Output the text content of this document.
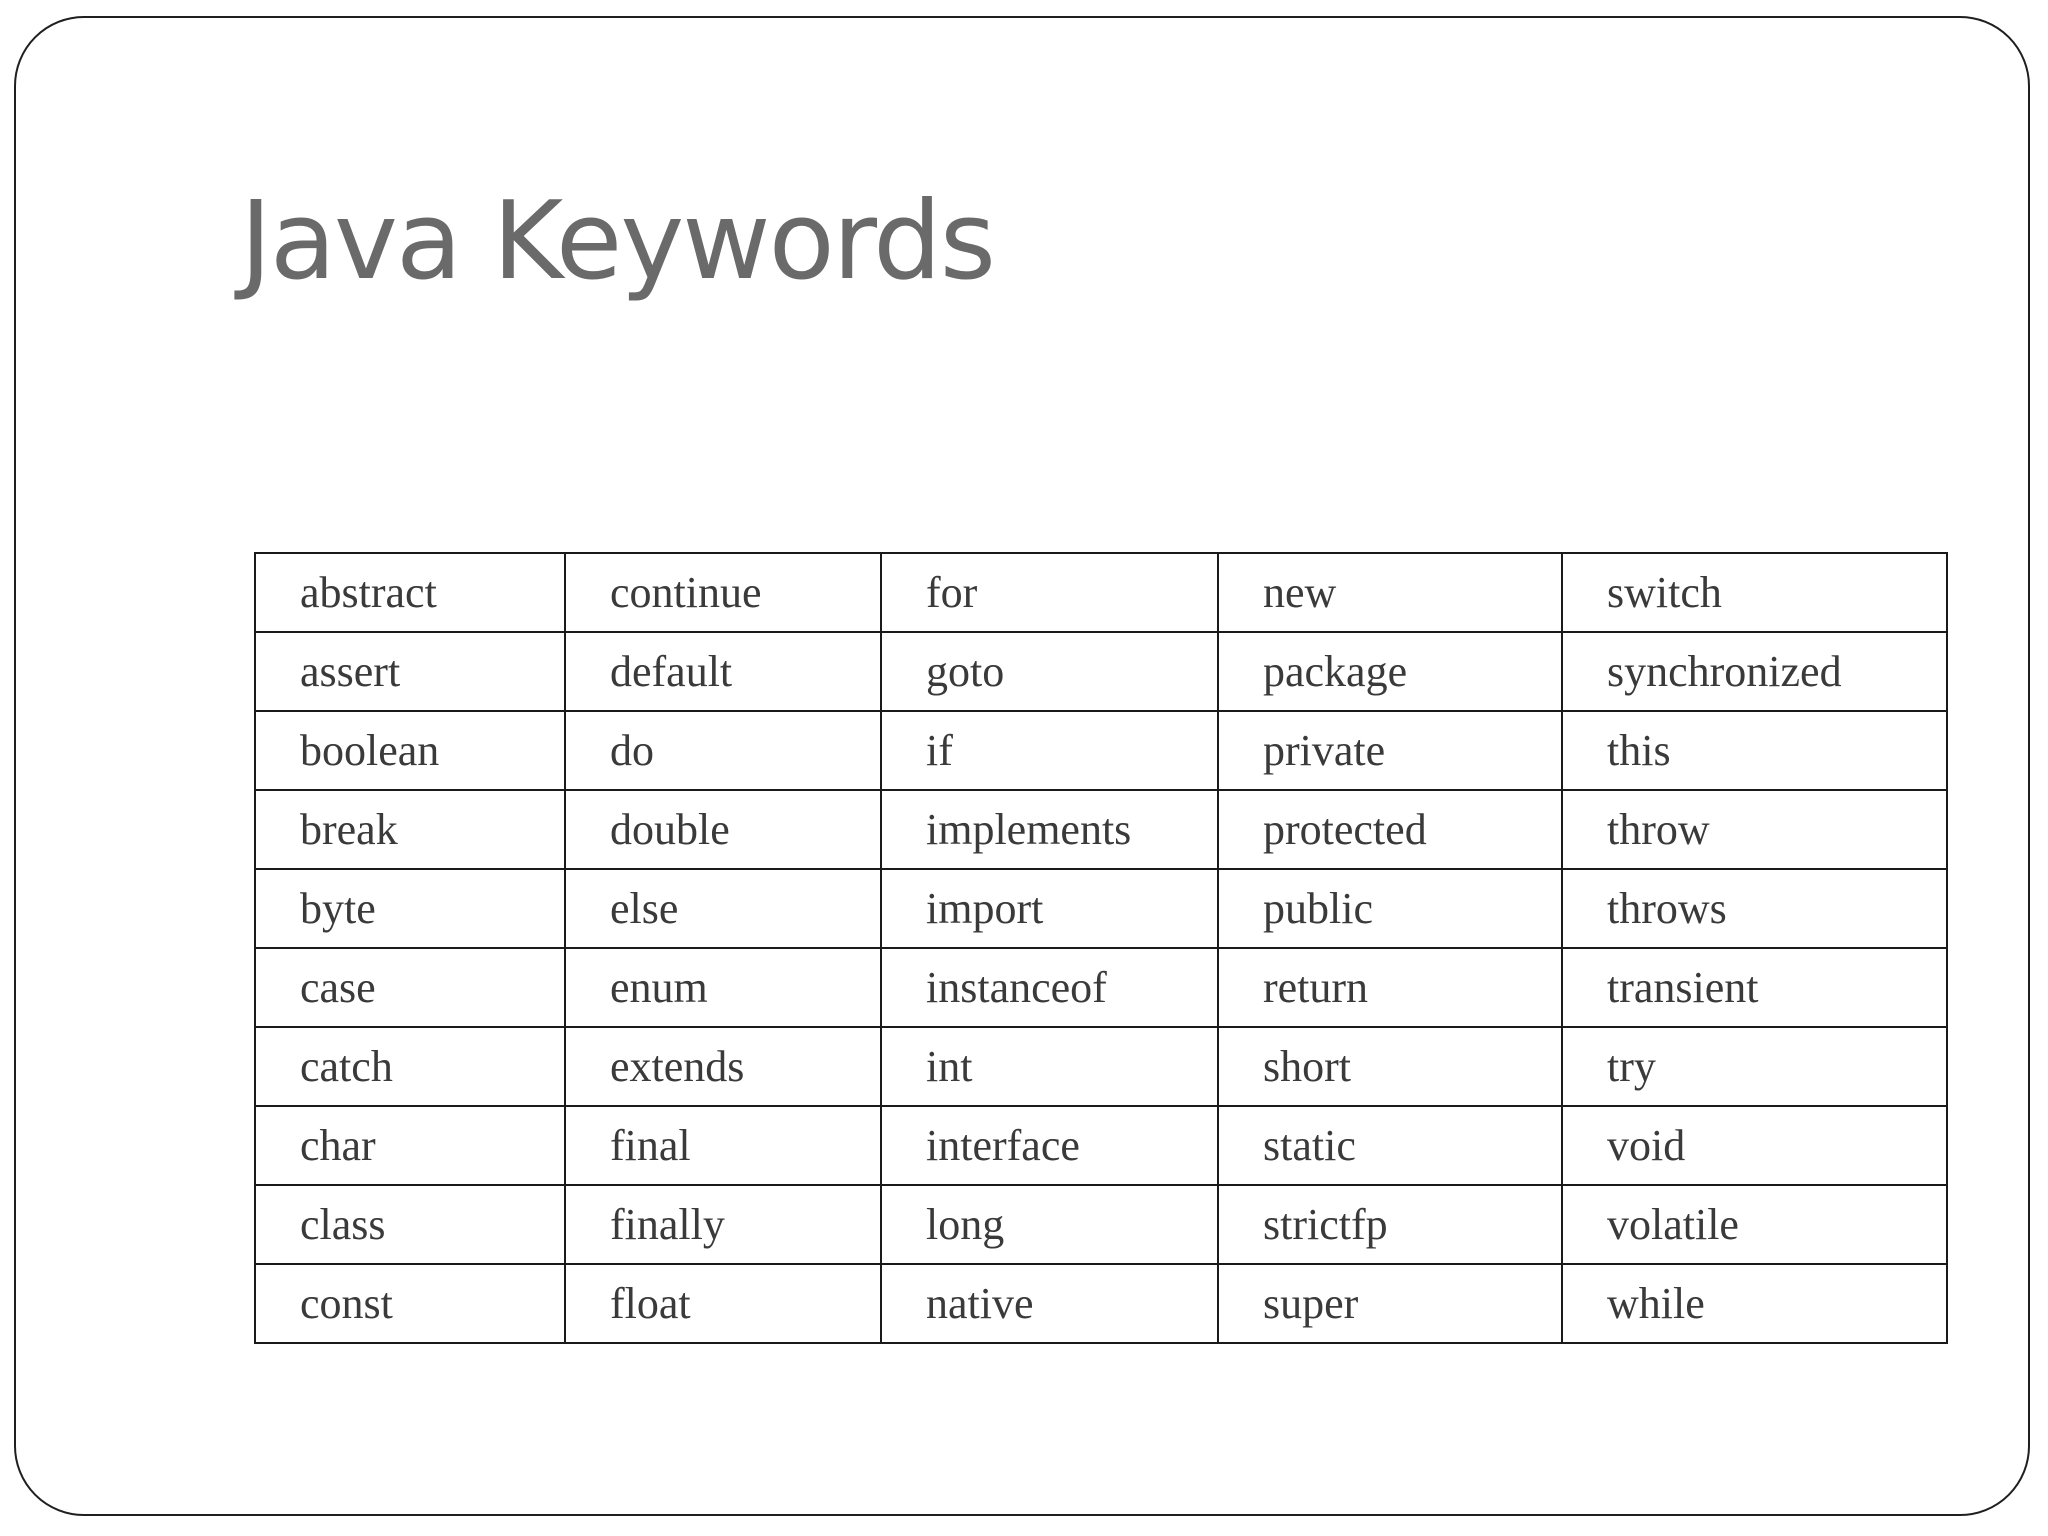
Java Keywords
abstract	continue	for	new	switch
assert	default	goto	package	synchronized
boolean	do	if	private	this
break	double	implements	protected	throw
byte	else	import	public	throws
case	enum	instanceof	return	transient
catch	extends	int	short	try
char	final	interface	static	void
class	finally	long	strictfp	volatile
const	float	native	super	while
